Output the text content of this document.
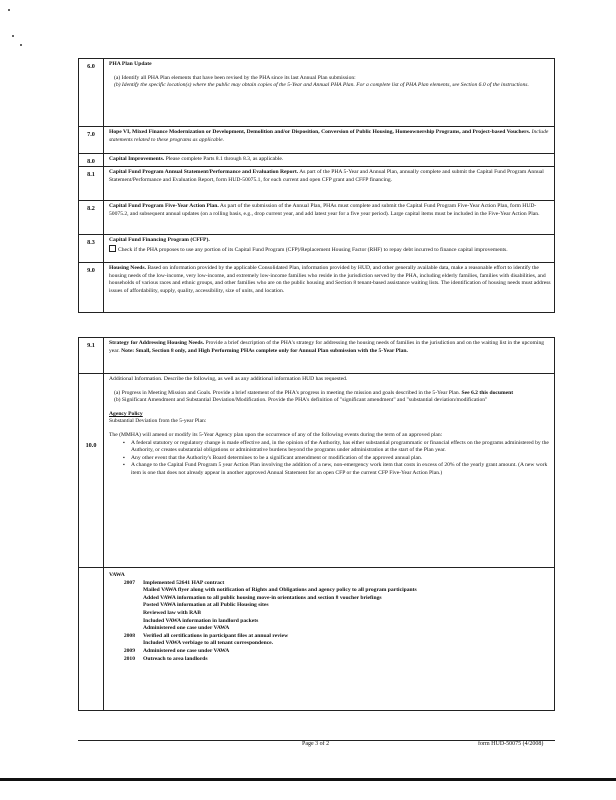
6.0	PHA Plan Update
(a) Identify all PHA Plan elements that have been revised by the PHA since its last Annual Plan submission:
(b) Identify the specific location(s) where the public may obtain copies of the 5-Year and Annual PHA Plan. For a complete list of PHA Plan elements, see Section 6.0 of the instructions.
7.0	Hope VI, Mixed Finance Modernization or Development, Demolition and/or Disposition, Conversion of Public Housing, Homeownership Programs, and Project-based Vouchers. Include statements related to these programs as applicable.
8.0	Capital Improvements. Please complete Parts 8.1 through 8.3, as applicable.
8.1	Capital Fund Program Annual Statement/Performance and Evaluation Report. As part of the PHA 5-Year and Annual Plan, annually complete and submit the Capital Fund Program Annual Statement/Performance and Evaluation Report, form HUD-50075.1, for each current and open CFP grant and CFFP financing.
8.2	Capital Fund Program Five-Year Action Plan. As part of the submission of the Annual Plan, PHAs must complete and submit the Capital Fund Program Five-Year Action Plan, form HUD-50075.2, and subsequent annual updates (on a rolling basis, e.g., drop current year, and add latest year for a five year period). Large capital items must be included in the Five-Year Action Plan.
8.3	Capital Fund Financing Program (CFFP).
Check if the PHA proposes to use any portion of its Capital Fund Program (CFP)/Replacement Housing Factor (RHF) to repay debt incurred to finance capital improvements.
9.0	Housing Needs. Based on information provided by the applicable Consolidated Plan, information provided by HUD, and other generally available data, make a reasonable effort to identify the housing needs of the low-income, very low-income, and extremely low-income families who reside in the jurisdiction served by the PHA, including elderly families, families with disabilities, and households of various races and ethnic groups, and other families who are on the public housing and Section 8 tenant-based assistance waiting lists. The identification of housing needs must address issues of affordability, supply, quality, accessibility, size of units, and location.
9.1	Strategy for Addressing Housing Needs. Provide a brief description of the PHA's strategy for addressing the housing needs of families in the jurisdiction and on the waiting list in the upcoming year. Note: Small, Section 8 only, and High Performing PHAs complete only for Annual Plan submission with the 5-Year Plan.
10.0
Additional Information. Describe the following, as well as any additional information HUD has requested.
(a) Progress in Meeting Mission and Goals. Provide a brief statement of the PHA's progress in meeting the mission and goals described in the 5-Year Plan. See 6.2 this document
(b) Significant Amendment and Substantial Deviation/Modification. Provide the PHA's definition of "significant amendment" and "substantial deviation/modification"
Agency Policy
Substantial Deviation from the 5-year Plan:
The (MMHA) will amend or modify its 5-Year Agency plan upon the occurrence of any of the following events during the term of an approved plan:
▪ A federal statutory or regulatory change is made effective and, in the opinion of the Authority, has either substantial programmatic or financial effects on the programs administered by the Authority, or creates substantial obligations or administrative burdens beyond the programs under administration at the start of the Plan year.
▪ Any other event that the Authority's Board determines to be a significant amendment or modification of the approved annual plan.
▪ A change to the Capital Fund Program 5 year Action Plan involving the addition of a new, non-emergency work item that costs in excess of 20% of the yearly grant amount. (A new work item is one that does not already appear in another approved Annual Statement for an open CFP or the current CFP Five-Year Action Plan.)
VAWA
2007	Implemented 52641 HAP contract
Mailed VAWA flyer along with notification of Rights and Obligations and agency policy to all program participants
Added VAWA information to all public housing move-in orientations and section 8 voucher briefings
Posted VAWA information at all Public Housing sites
Reviewed law with RAB
Included VAWA information in landlord packets
Administered one case under VAWA
2008	Verified all certifications in participant files at annual review
Included VAWA verbiage to all tenant correspondence.
2009	Administered one case under VAWA
2010	Outreach to area landlords
Page 3 of 2	form HUD-50075 (4/2008)
